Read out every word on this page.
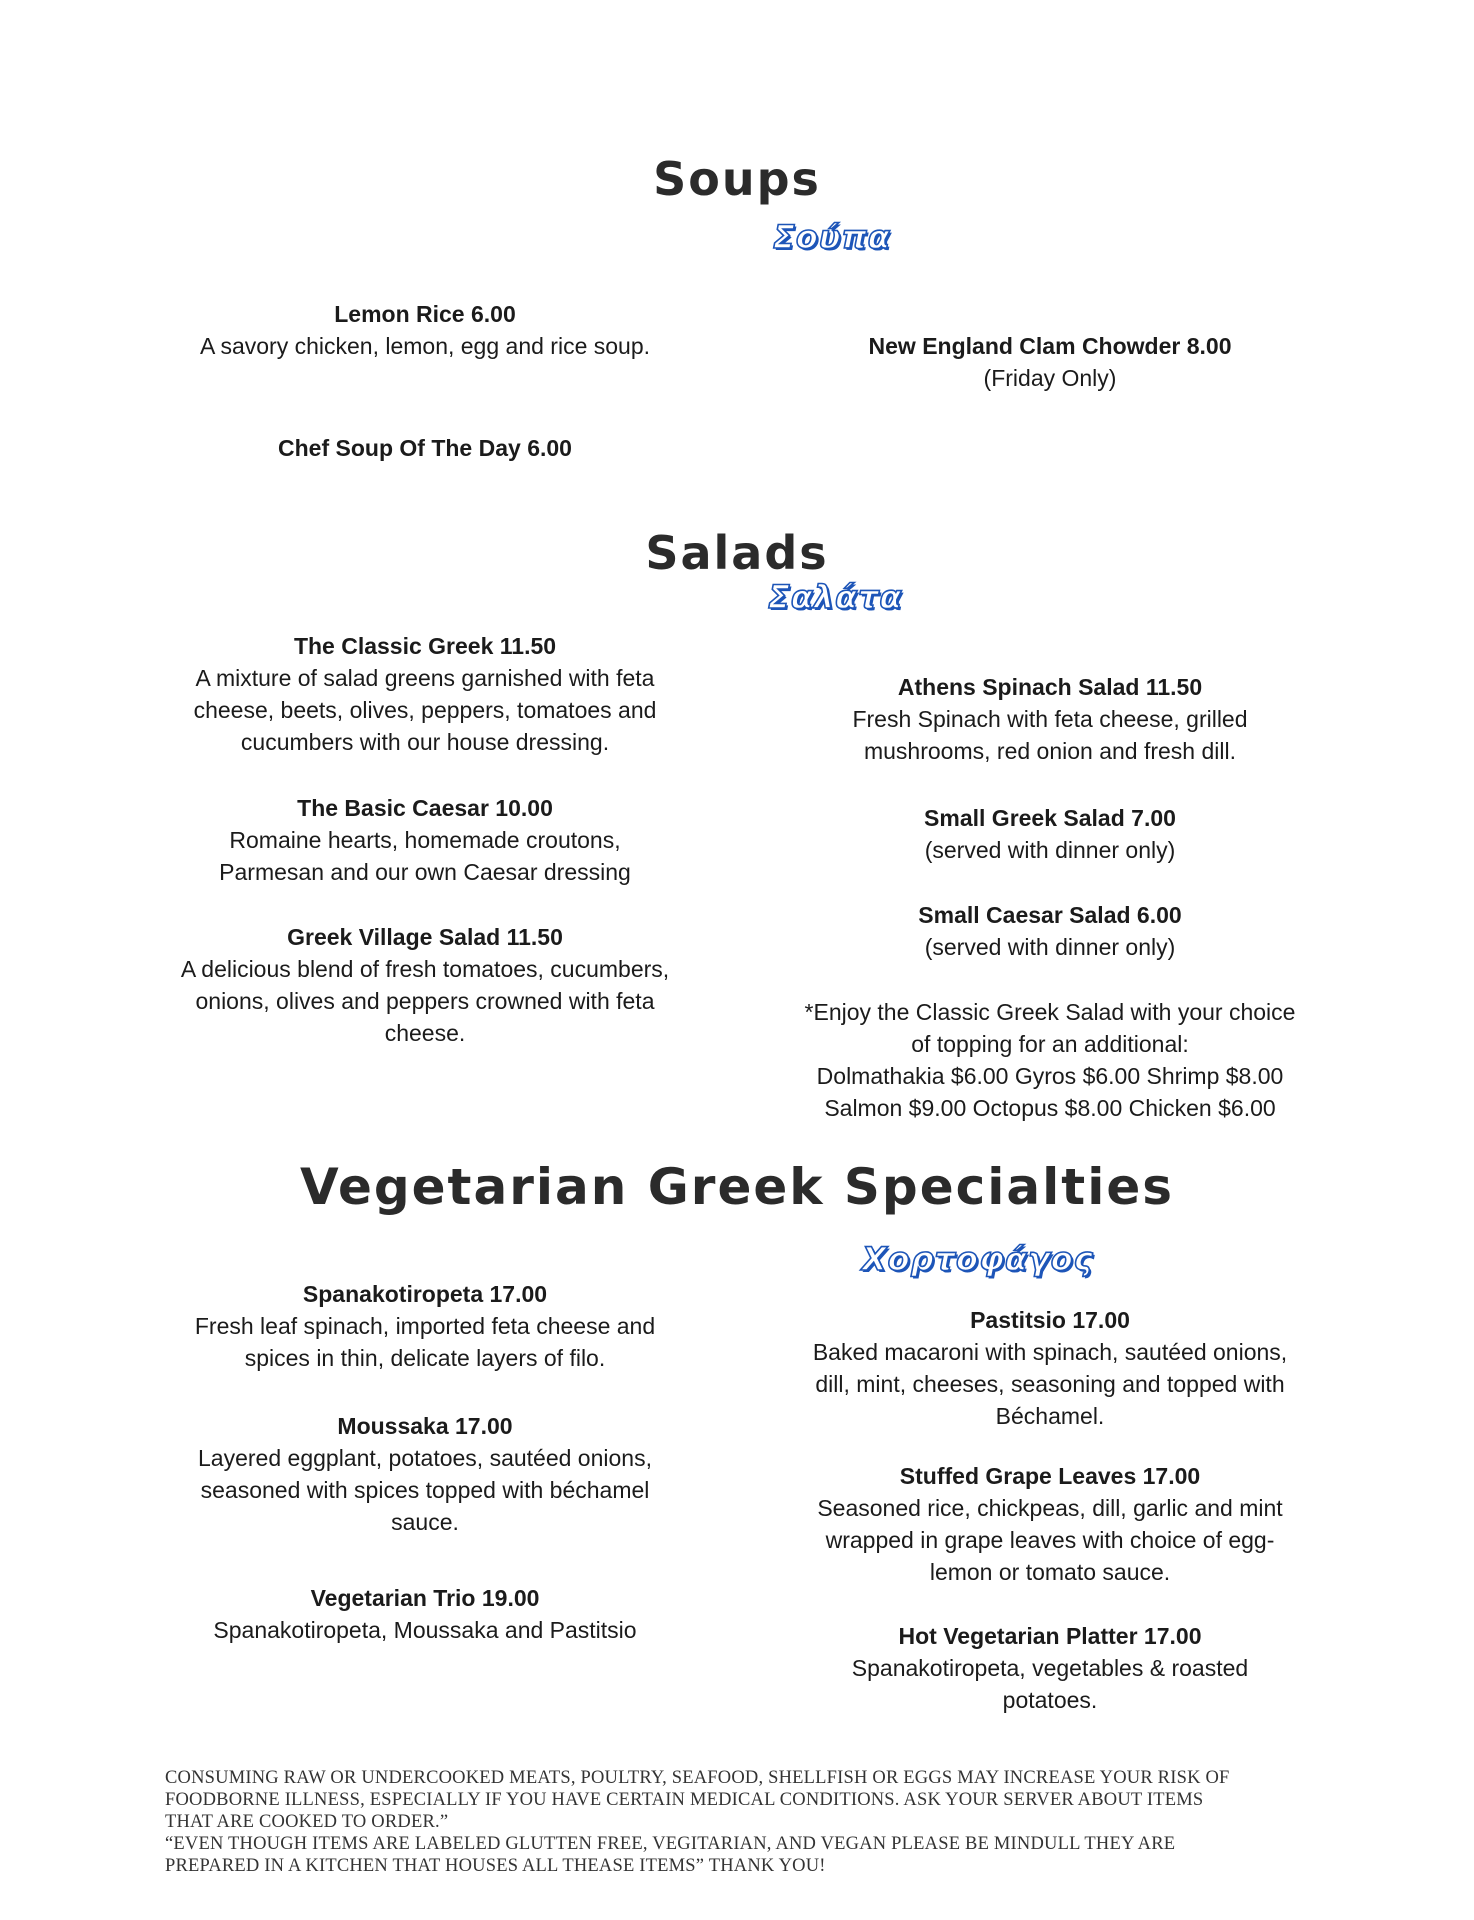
Soups
Σούπα
Lemon Rice 6.00
A savory chicken, lemon, egg and rice soup.	New England Clam Chowder 8.00
(Friday Only)
Chef Soup Of The Day 6.00
Salads
Σαλάτα
The Classic Greek 11.50
A mixture of salad greens garnished with feta
cheese, beets, olives, peppers, tomatoes and
cucumbers with our house dressing.
The Basic Caesar 10.00
Romaine hearts, homemade croutons,
Parmesan and our own Caesar dressing
Greek Village Salad 11.50
A delicious blend of fresh tomatoes, cucumbers,
onions, olives and peppers crowned with feta
cheese.
Athens Spinach Salad 11.50
Fresh Spinach with feta cheese, grilled
mushrooms, red onion and fresh dill.
Small Greek Salad 7.00
(served with dinner only)
Small Caesar Salad 6.00
(served with dinner only)
*Enjoy the Classic Greek Salad with your choice
of topping for an additional:
Dolmathakia $6.00 Gyros $6.00 Shrimp $8.00
Salmon $9.00 Octopus $8.00 Chicken $6.00
Vegetarian Greek Specialties
Χορτοφάγος
Spanakotiropeta 17.00
Fresh leaf spinach, imported feta cheese and
spices in thin, delicate layers of filo.
Moussaka 17.00
Layered eggplant, potatoes, sautéed onions,
seasoned with spices topped with béchamel
sauce.
Vegetarian Trio 19.00
Spanakotiropeta, Moussaka and Pastitsio
Pastitsio 17.00
Baked macaroni with spinach, sautéed onions,
dill, mint, cheeses, seasoning and topped with
Béchamel.
Stuffed Grape Leaves 17.00
Seasoned rice, chickpeas, dill, garlic and mint
wrapped in grape leaves with choice of egg-
lemon or tomato sauce.
Hot Vegetarian Platter 17.00
Spanakotiropeta, vegetables & roasted
potatoes.
CONSUMING RAW OR UNDERCOOKED MEATS, POULTRY, SEAFOOD, SHELLFISH OR EGGS MAY INCREASE YOUR RISK OF
FOODBORNE ILLNESS, ESPECIALLY IF YOU HAVE CERTAIN MEDICAL CONDITIONS. ASK YOUR SERVER ABOUT ITEMS
THAT ARE COOKED TO ORDER.”
“EVEN THOUGH ITEMS ARE LABELED GLUTTEN FREE, VEGITARIAN, AND VEGAN PLEASE BE MINDULL THEY ARE
PREPARED IN A KITCHEN THAT HOUSES ALL THEASE ITEMS” THANK YOU!
